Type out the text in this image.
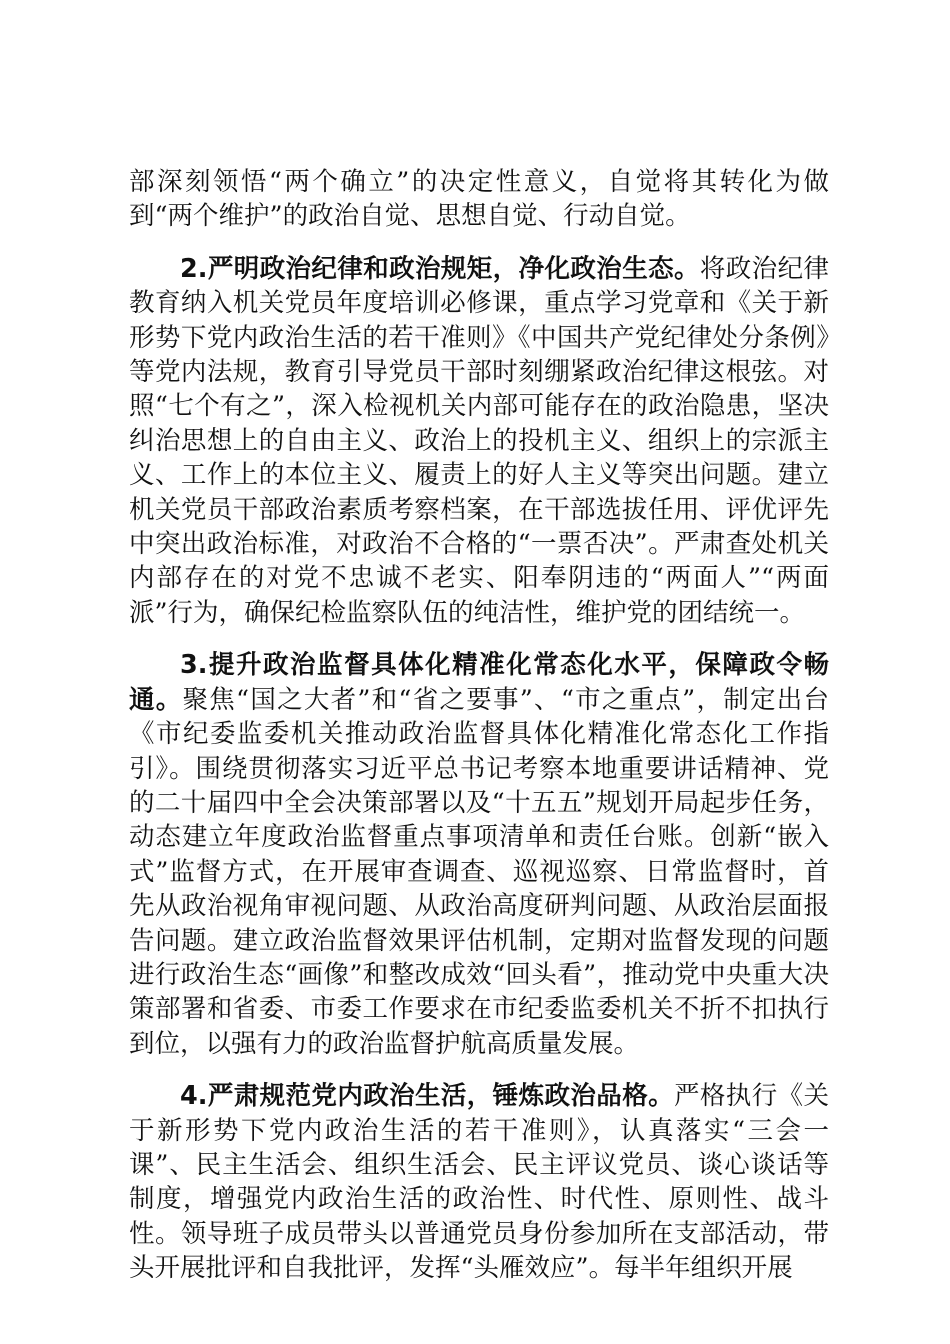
部深刻领悟“两个确立”的决定性意义，自觉将其转化为做到“两个维护”的政治自觉、思想自觉、行动自觉。

2.严明政治纪律和政治规矩，净化政治生态。将政治纪律教育纳入机关党员年度培训必修课，重点学习党章和《关于新形势下党内政治生活的若干准则》《中国共产党纪律处分条例》等党内法规，教育引导党员干部时刻绷紧政治纪律这根弦。对照“七个有之”，深入检视机关内部可能存在的政治隐患，坚决纠治思想上的自由主义、政治上的投机主义、组织上的宗派主义、工作上的本位主义、履责上的好人主义等突出问题。建立机关党员干部政治素质考察档案，在干部选拔任用、评优评先中突出政治标准，对政治不合格的“一票否决”。严肃查处机关内部存在的对党不忠诚不老实、阳奉阴违的“两面人”“两面派”行为，确保纪检监察队伍的纯洁性，维护党的团结统一。

3.提升政治监督具体化精准化常态化水平，保障政令畅通。聚焦“国之大者”和“省之要事”、“市之重点”，制定出台《市纪委监委机关推动政治监督具体化精准化常态化工作指引》。围绕贯彻落实习近平总书记考察本地重要讲话精神、党的二十届四中全会决策部署以及“十五五”规划开局起步任务，动态建立年度政治监督重点事项清单和责任台账。创新“嵌入式”监督方式，在开展审查调查、巡视巡察、日常监督时，首先从政治视角审视问题、从政治高度研判问题、从政治层面报告问题。建立政治监督效果评估机制，定期对监督发现的问题进行政治生态“画像”和整改成效“回头看”，推动党中央重大决策部署和省委、市委工作要求在市纪委监委机关不折不扣执行到位，以强有力的政治监督护航高质量发展。

4.严肃规范党内政治生活，锤炼政治品格。严格执行《关于新形势下党内政治生活的若干准则》，认真落实“三会一课”、民主生活会、组织生活会、民主评议党员、谈心谈话等制度，增强党内政治生活的政治性、时代性、原则性、战斗性。领导班子成员带头以普通党员身份参加所在支部活动，带头开展批评和自我批评，发挥“头雁效应”。每半年组织开展
